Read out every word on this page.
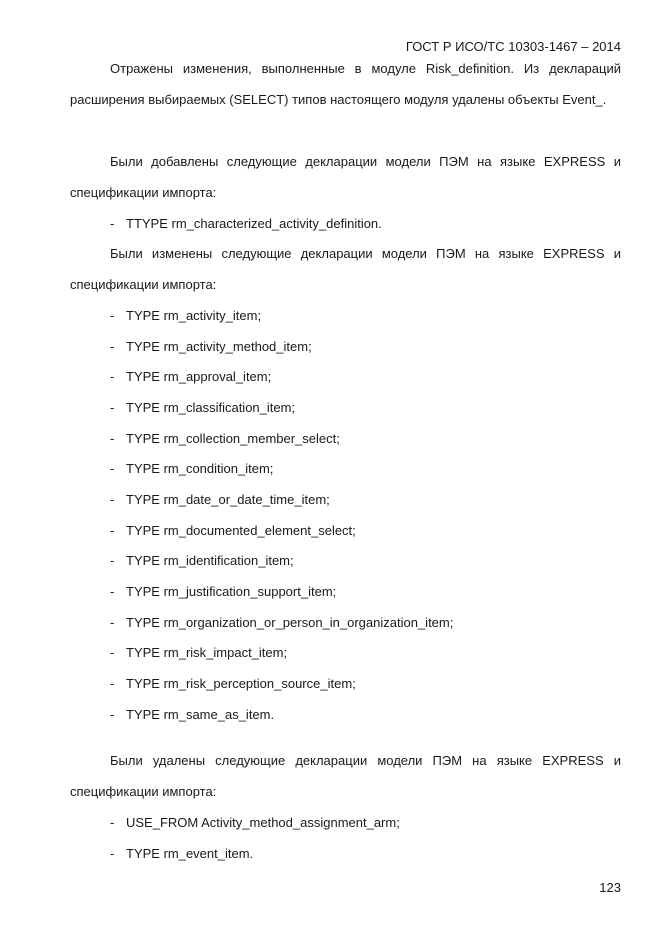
ГОСТ Р ИСО/ТС 10303-1467 – 2014

Отражены изменения, выполненные в модуле Risk_definition. Из деклараций расширения выбираемых (SELECT) типов настоящего модуля удалены объекты Event_.

Были добавлены следующие декларации модели ПЭМ на языке EXPRESS и спецификации импорта:

- TTYPE rm_characterized_activity_definition.

Были изменены следующие декларации модели ПЭМ на языке EXPRESS и спецификации импорта:

- TYPE rm_activity_item;
- TYPE rm_activity_method_item;
- TYPE rm_approval_item;
- TYPE rm_classification_item;
- TYPE rm_collection_member_select;
- TYPE rm_condition_item;
- TYPE rm_date_or_date_time_item;
- TYPE rm_documented_element_select;
- TYPE rm_identification_item;
- TYPE rm_justification_support_item;
- TYPE rm_organization_or_person_in_organization_item;
- TYPE rm_risk_impact_item;
- TYPE rm_risk_perception_source_item;
- TYPE rm_same_as_item.

Были удалены следующие декларации модели ПЭМ на языке EXPRESS и спецификации импорта:

- USE_FROM Activity_method_assignment_arm;
- TYPE rm_event_item.
123
